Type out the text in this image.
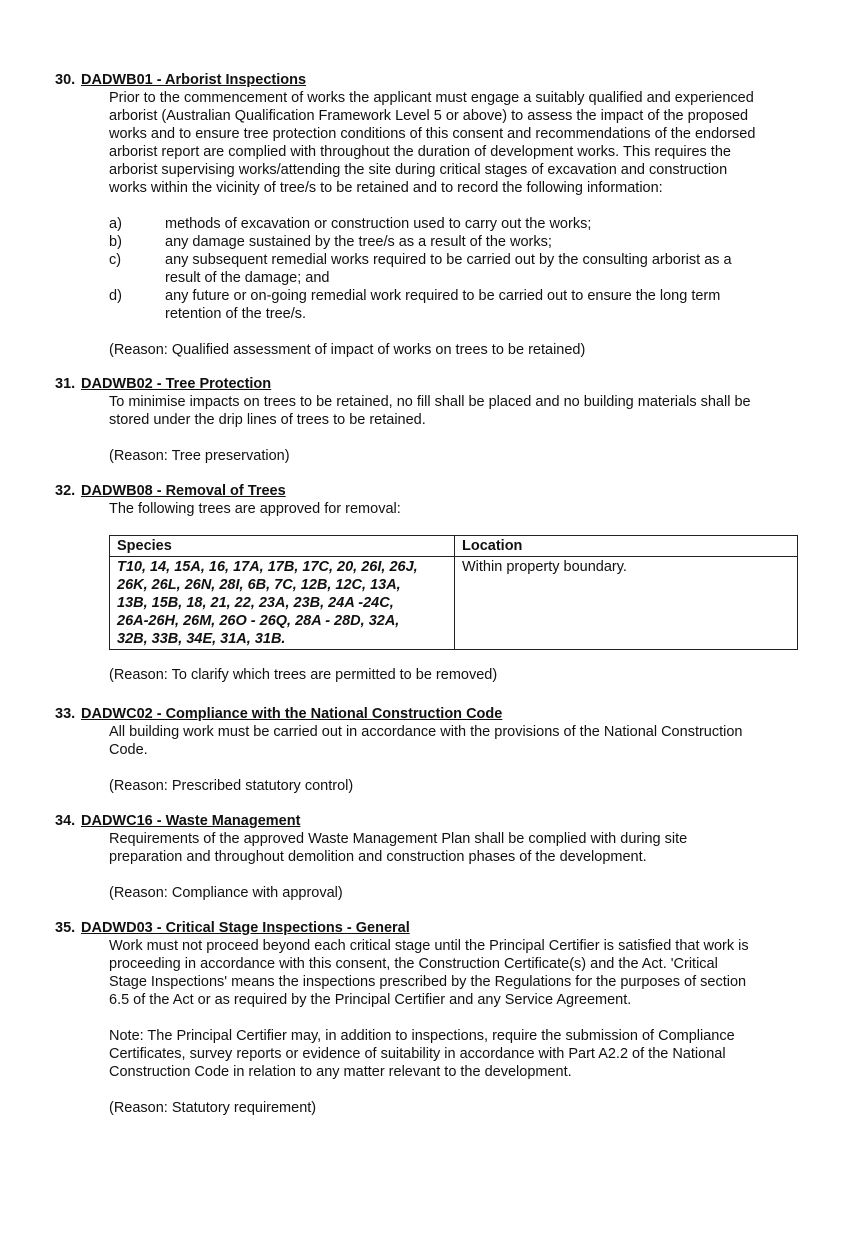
30. DADWB01 - Arborist Inspections
Prior to the commencement of works the applicant must engage a suitably qualified and experienced
arborist (Australian Qualification Framework Level 5 or above) to assess the impact of the proposed
works and to ensure tree protection conditions of this consent and recommendations of the endorsed
arborist report are complied with throughout the duration of development works. This requires the
arborist supervising works/attending the site during critical stages of excavation and construction
works within the vicinity of tree/s to be retained and to record the following information:
a)	methods of excavation or construction used to carry out the works;
b)	any damage sustained by the tree/s as a result of the works;
c)	any subsequent remedial works required to be carried out by the consulting arborist as a
result of the damage; and
d)	any future or on-going remedial work required to be carried out to ensure the long term
retention of the tree/s.
(Reason: Qualified assessment of impact of works on trees to be retained)
31. DADWB02 - Tree Protection
To minimise impacts on trees to be retained, no fill shall be placed and no building materials shall be
stored under the drip lines of trees to be retained.
(Reason: Tree preservation)
32. DADWB08 - Removal of Trees
The following trees are approved for removal:
Species	Location

T10, 14, 15A, 16, 17A, 17B, 17C, 20, 26I, 26J,
26K, 26L, 26N, 28I, 6B, 7C, 12B, 12C, 13A,
13B, 15B, 18, 21, 22, 23A, 23B, 24A -24C,
26A-26H, 26M, 26O - 26Q, 28A - 28D, 32A,
32B, 33B, 34E, 31A, 31B.	Within property boundary.
(Reason: To clarify which trees are permitted to be removed)
33. DADWC02 - Compliance with the National Construction Code
All building work must be carried out in accordance with the provisions of the National Construction
Code.
(Reason: Prescribed statutory control)
34. DADWC16 - Waste Management
Requirements of the approved Waste Management Plan shall be complied with during site
preparation and throughout demolition and construction phases of the development.
(Reason: Compliance with approval)
35. DADWD03 - Critical Stage Inspections - General
Work must not proceed beyond each critical stage until the Principal Certifier is satisfied that work is
proceeding in accordance with this consent, the Construction Certificate(s) and the Act. 'Critical
Stage Inspections' means the inspections prescribed by the Regulations for the purposes of section
6.5 of the Act or as required by the Principal Certifier and any Service Agreement.
Note: The Principal Certifier may, in addition to inspections, require the submission of Compliance
Certificates, survey reports or evidence of suitability in accordance with Part A2.2 of the National
Construction Code in relation to any matter relevant to the development.
(Reason: Statutory requirement)
